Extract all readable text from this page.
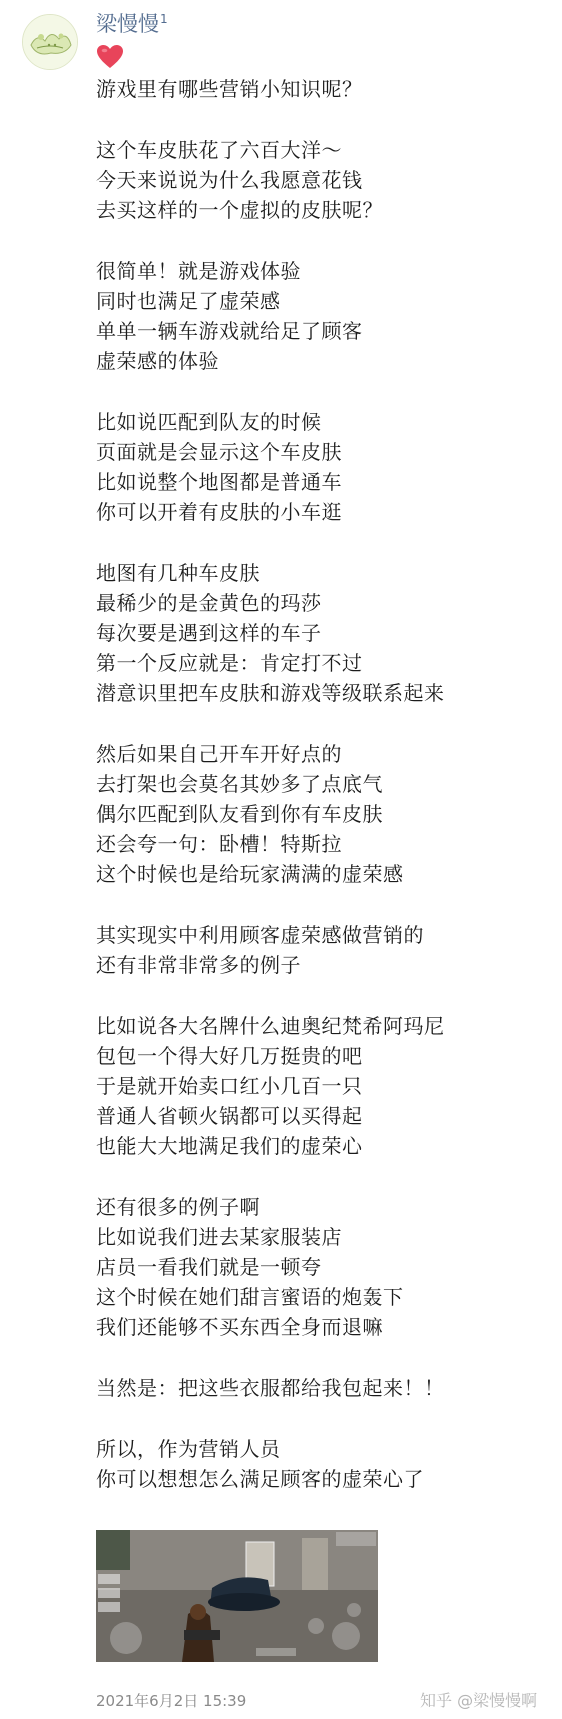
梁慢慢$^1$
游戏里有哪些营销小知识呢？
这个车皮肤花了六百大洋～
今天来说说为什么我愿意花钱
去买这样的一个虚拟的皮肤呢？
很简单！就是游戏体验
同时也满足了虚荣感
单单一辆车游戏就给足了顾客
虚荣感的体验
比如说匹配到队友的时候
页面就是会显示这个车皮肤
比如说整个地图都是普通车
你可以开着有皮肤的小车逛
地图有几种车皮肤
最稀少的是金黄色的玛莎
每次要是遇到这样的车子
第一个反应就是：肯定打不过
潜意识里把车皮肤和游戏等级联系起来
然后如果自己开车开好点的
去打架也会莫名其妙多了点底气
偶尔匹配到队友看到你有车皮肤
还会夸一句：卧槽！特斯拉
这个时候也是给玩家满满的虚荣感
其实现实中利用顾客虚荣感做营销的
还有非常非常多的例子
比如说各大名牌什么迪奥纪梵希阿玛尼
包包一个得大好几万挺贵的吧
于是就开始卖口红小几百一只
普通人省顿火锅都可以买得起
也能大大地满足我们的虚荣心
还有很多的例子啊
比如说我们进去某家服装店
店员一看我们就是一顿夸
这个时候在她们甜言蜜语的炮轰下
我们还能够不买东西全身而退嘛
当然是：把这些衣服都给我包起来！！
所以，作为营销人员
你可以想想怎么满足顾客的虚荣心了
2021年6月2日 15:39	知乎 @梁慢慢啊
